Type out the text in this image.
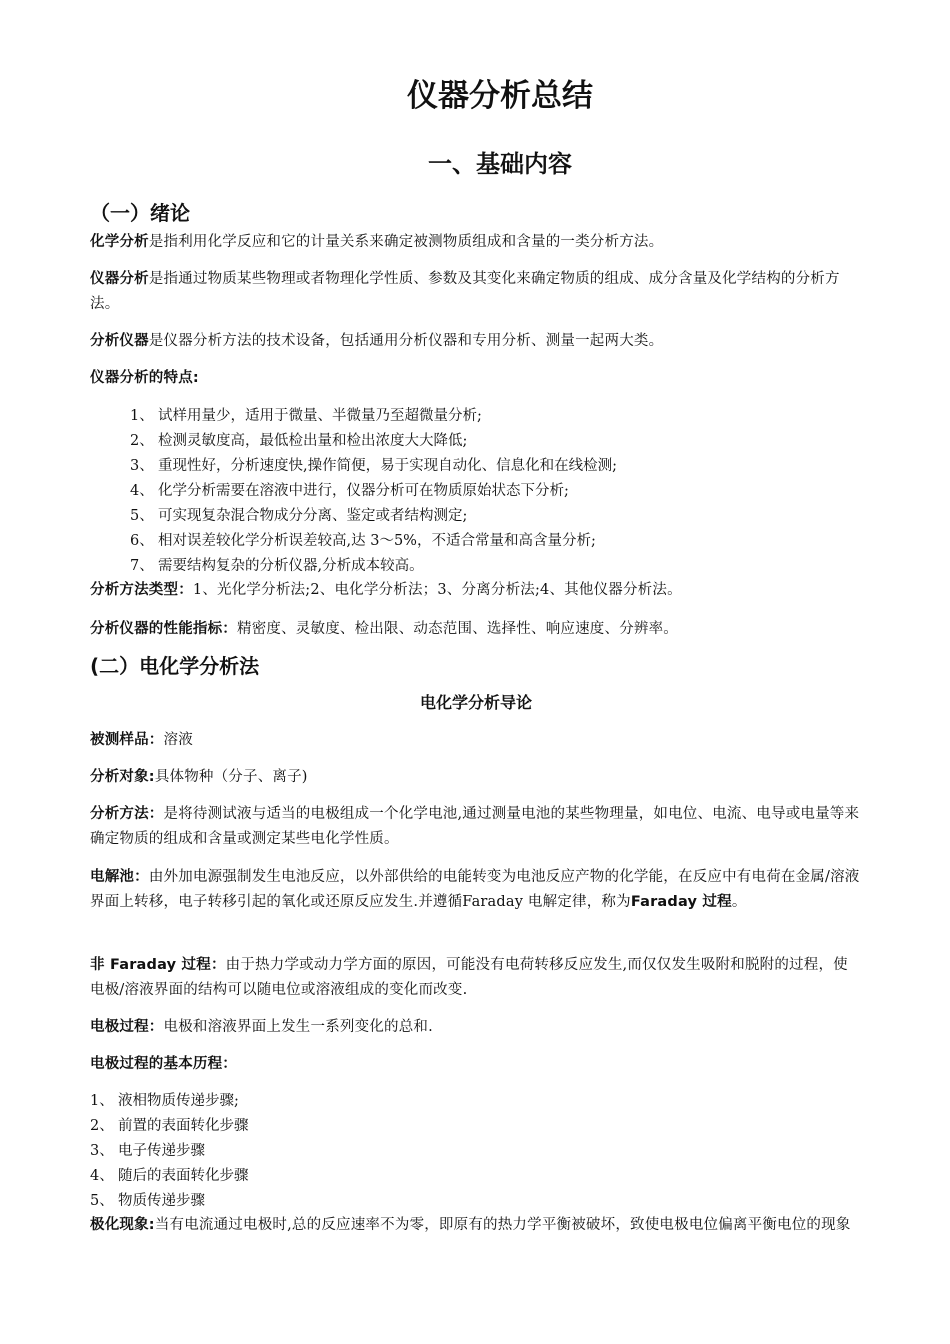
仪器分析总结
一、基础内容
（一）绪论
化学分析是指利用化学反应和它的计量关系来确定被测物质组成和含量的一类分析方法。
仪器分析是指通过物质某些物理或者物理化学性质、参数及其变化来确定物质的组成、成分含量及化学结构的分析方法。
分析仪器是仪器分析方法的技术设备，包括通用分析仪器和专用分析、测量一起两大类。
仪器分析的特点:
1、 试样用量少，适用于微量、半微量乃至超微量分析;
2、 检测灵敏度高，最低检出量和检出浓度大大降低;
3、 重现性好，分析速度快,操作简便，易于实现自动化、信息化和在线检测;
4、 化学分析需要在溶液中进行，仪器分析可在物质原始状态下分析;
5、 可实现复杂混合物成分分离、鉴定或者结构测定;
6、 相对误差较化学分析误差较高,达 3～5%，不适合常量和高含量分析;
7、 需要结构复杂的分析仪器,分析成本较高。
分析方法类型：1、光化学分析法;2、电化学分析法；3、分离分析法;4、其他仪器分析法。
分析仪器的性能指标：精密度、灵敏度、检出限、动态范围、选择性、响应速度、分辨率。
(二）电化学分析法
电化学分析导论
被测样品：溶液
分析对象:具体物种（分子、离子)
分析方法：是将待测试液与适当的电极组成一个化学电池,通过测量电池的某些物理量，如电位、电流、电导或电量等来确定物质的组成和含量或测定某些电化学性质。
电解池：由外加电源强制发生电池反应，以外部供给的电能转变为电池反应产物的化学能，在反应中有电荷在金属/溶液界面上转移，电子转移引起的氧化或还原反应发生.并遵循Faraday 电解定律，称为Faraday 过程。
非 Faraday 过程：由于热力学或动力学方面的原因，可能没有电荷转移反应发生,而仅仅发生吸附和脱附的过程，使电极/溶液界面的结构可以随电位或溶液组成的变化而改变.
电极过程：电极和溶液界面上发生一系列变化的总和.
电极过程的基本历程：
1、 液相物质传递步骤;
2、 前置的表面转化步骤
3、 电子传递步骤
4、 随后的表面转化步骤
5、 物质传递步骤
极化现象:当有电流通过电极时,总的反应速率不为零，即原有的热力学平衡被破坏，致使电极电位偏离平衡电位的现象
